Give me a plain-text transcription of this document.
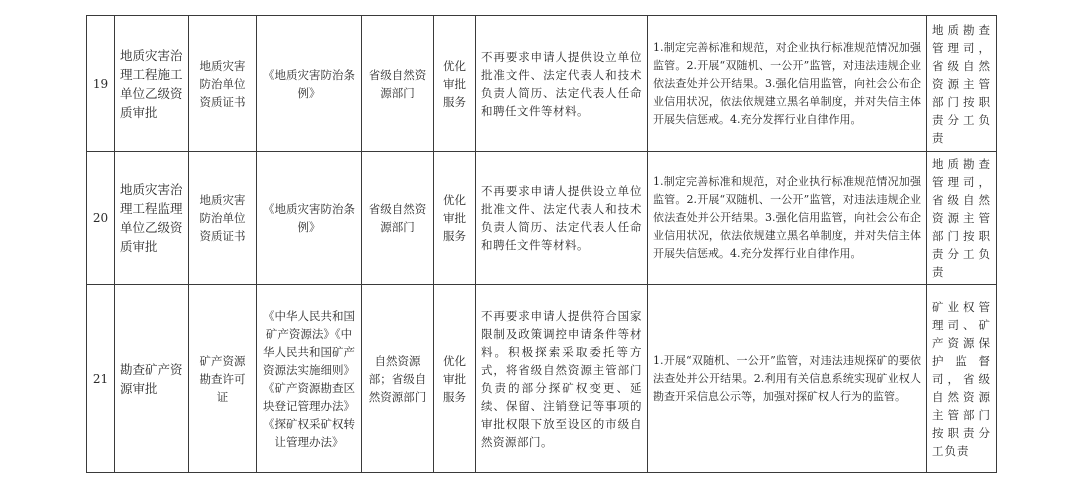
19	地质灾害治理工程施工单位乙级资质审批	地质灾害防治单位资质证书	《地质灾害防治条例》	省级自然资源部门	优化审批服务	不再要求申请人提供设立单位批准文件、法定代表人和技术负责人简历、法定代表人任命和聘任文件等材料。	1.制定完善标准和规范，对企业执行标准规范情况加强监管。2.开展“双随机、一公开”监管，对违法违规企业依法查处并公开结果。3.强化信用监管，向社会公布企业信用状况，依法依规建立黑名单制度，并对失信主体开展失信惩戒。4.充分发挥行业自律作用。	地质勘查管理司，省级自然资源主管部门按职责分工负责
20	地质灾害治理工程监理单位乙级资质审批	地质灾害防治单位资质证书	《地质灾害防治条例》	省级自然资源部门	优化审批服务	不再要求申请人提供设立单位批准文件、法定代表人和技术负责人简历、法定代表人任命和聘任文件等材料。	1.制定完善标准和规范，对企业执行标准规范情况加强监管。2.开展“双随机、一公开”监管，对违法违规企业依法查处并公开结果。3.强化信用监管，向社会公布企业信用状况，依法依规建立黑名单制度，并对失信主体开展失信惩戒。4.充分发挥行业自律作用。	地质勘查管理司，省级自然资源主管部门按职责分工负责
21	勘查矿产资源审批	矿产资源勘查许可证	《中华人民共和国矿产资源法》《中华人民共和国矿产资源法实施细则》《矿产资源勘查区块登记管理办法》《探矿权采矿权转让管理办法》	自然资源部；省级自然资源部门	优化审批服务	不再要求申请人提供符合国家限制及政策调控申请条件等材料。积极探索采取委托等方式，将省级自然资源主管部门负责的部分探矿权变更、延续、保留、注销登记等事项的审批权限下放至设区的市级自然资源部门。	1.开展“双随机、一公开”监管，对违法违规探矿的要依法查处并公开结果。2.利用有关信息系统实现矿业权人勘查开采信息公示等，加强对探矿权人行为的监管。	矿业权管理司、矿产资源保护监督司，省级自然资源主管部门按职责分工负责
